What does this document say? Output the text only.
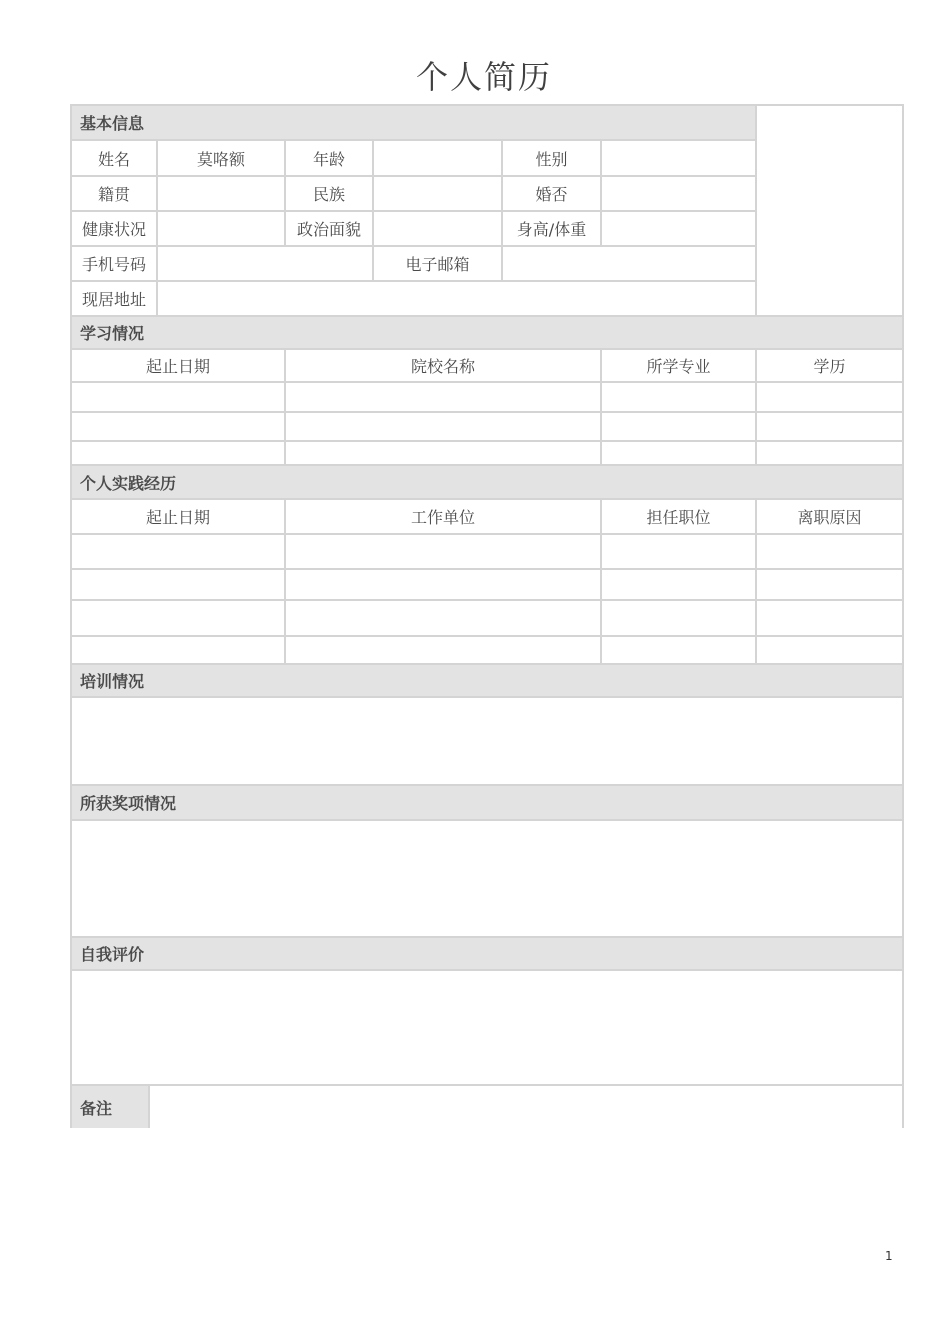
个人简历
基本信息
姓名	莫咯额	年龄	性别
籍贯	民族	婚否
健康状况	政治面貌	身高/体重
手机号码	电子邮箱
现居地址
学习情况
起止日期	院校名称	所学专业	学历
个人实践经历
起止日期	工作单位	担任职位	离职原因
培训情况
所获奖项情况
自我评价
备注
1
